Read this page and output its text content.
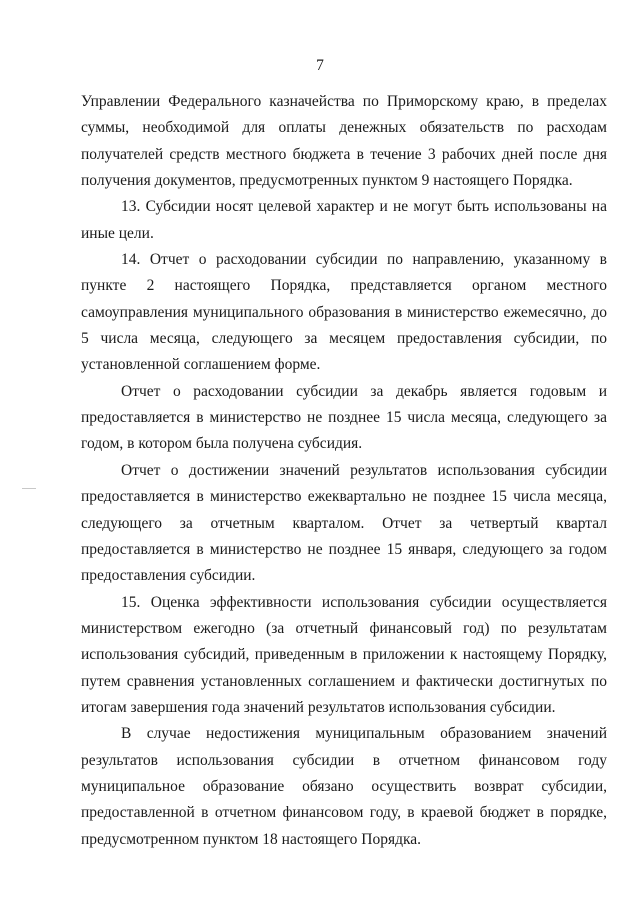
7

Управлении Федерального казначейства по Приморскому краю, в пределах суммы, необходимой для оплаты денежных обязательств по расходам получателей средств местного бюджета в течение 3 рабочих дней после дня получения документов, предусмотренных пунктом 9 настоящего Порядка.

13. Субсидии носят целевой характер и не могут быть использованы на иные цели.

14. Отчет о расходовании субсидии по направлению, указанному в пункте 2 настоящего Порядка, представляется органом местного самоуправления муниципального образования в министерство ежемесячно, до 5 числа месяца, следующего за месяцем предоставления субсидии, по установленной соглашением форме.

Отчет о расходовании субсидии за декабрь является годовым и предоставляется в министерство не позднее 15 числа месяца, следующего за годом, в котором была получена субсидия.

Отчет о достижении значений результатов использования субсидии предоставляется в министерство ежеквартально не позднее 15 числа месяца, следующего за отчетным кварталом. Отчет за четвертый квартал предоставляется в министерство не позднее 15 января, следующего за годом предоставления субсидии.

15. Оценка эффективности использования субсидии осуществляется министерством ежегодно (за отчетный финансовый год) по результатам использования субсидий, приведенным в приложении к настоящему Порядку, путем сравнения установленных соглашением и фактически достигнутых по итогам завершения года значений результатов использования субсидии.

В случае недостижения муниципальным образованием значений результатов использования субсидии в отчетном финансовом году муниципальное образование обязано осуществить возврат субсидии, предоставленной в отчетном финансовом году, в краевой бюджет в порядке, предусмотренном пунктом 18 настоящего Порядка.
